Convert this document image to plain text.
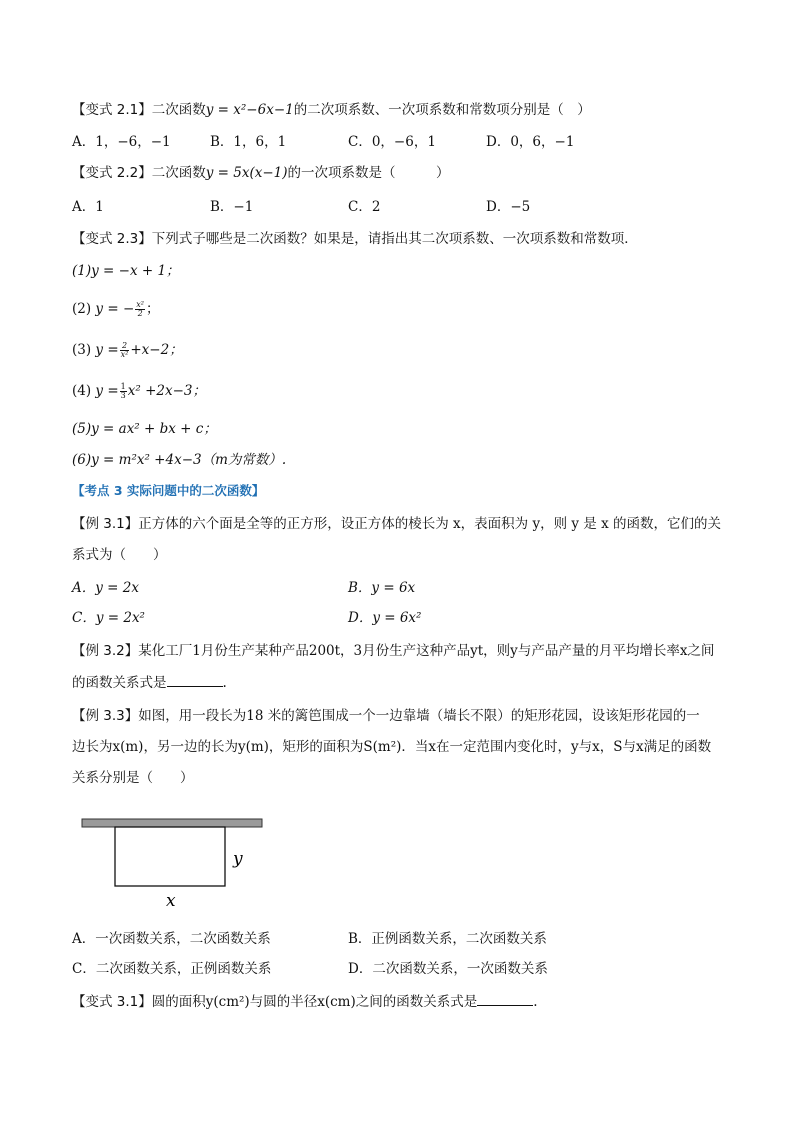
【变式 2.1】二次函数y = x²−6x−1的二次项系数、一次项系数和常数项分别是（　）
A．1，−6，−1	B．1，6，1	C．0，−6，1	D．0，6，−1
【变式 2.2】二次函数y = 5x(x−1)的一次项系数是（　　　）
A．1	B．−1	C．2	D．−5
【变式 2.3】下列式子哪些是二次函数？如果是，请指出其二次项系数、一次项系数和常数项．
(1)y = −x + 1；
(2) y = − $\frac{\text{x²}}{2}$ ；
(3) $y = \frac{2}{\text{x²}} +x-2$；
(4) $y = \frac{1}{3} x^2 +2x-3$；
(5)y = ax² + bx + c；
(6)y = m²x² +4x−3（m为常数）.
【考点 3 实际问题中的二次函数】
【例 3.1】正方体的六个面是全等的正方形，设正方体的棱长为 x，表面积为 y，则 y 是 x 的函数，它们的关
系式为（　　）
A．y = 2x	B．y = 6x
C．y = 2x²	D．y = 6x²
【例 3.2】某化工厂1月份生产某种产品200t，3月份生产这种产品yt，则y与产品产量的月平均增长率x之间
的函数关系式是	.
【例 3.3】如图，用一段长为18 米的篱笆围成一个一边靠墙（墙长不限）的矩形花园，设该矩形花园的一
边长为x(m)，另一边的长为y(m)，矩形的面积为S(m²)．当x在一定范围内变化时，y与x，S与x满足的函数
关系分别是（　　）
y
x
A．一次函数关系，二次函数关系	B．正例函数关系，二次函数关系
C．二次函数关系，正例函数关系	D．二次函数关系，一次函数关系
【变式 3.1】圆的面积y(cm²)与圆的半径x(cm)之间的函数关系式是	.
